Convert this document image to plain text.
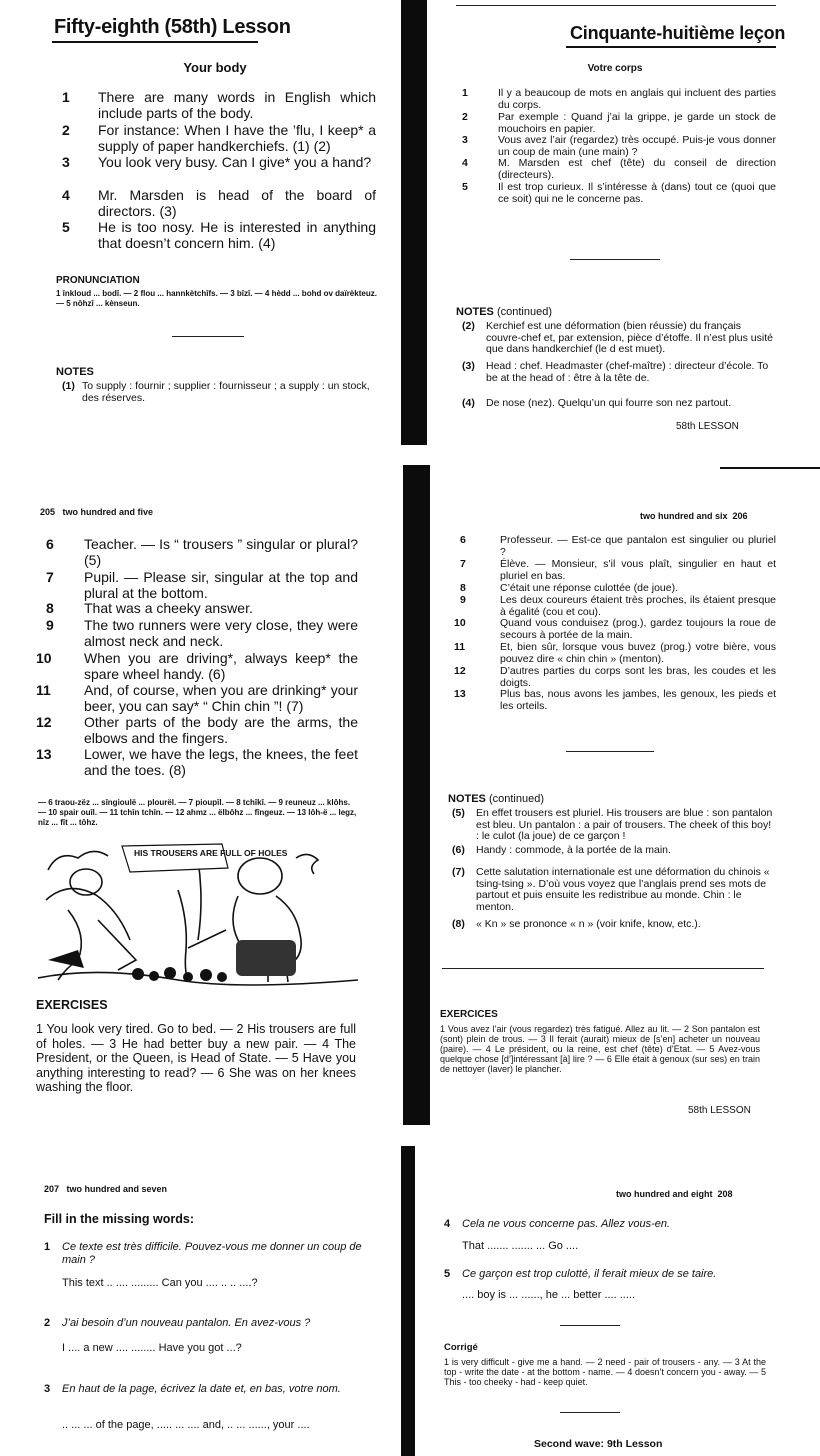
Fifty-eighth (58th) Lesson	Cinquante-huitième leçon
Your body	Votre corps
1 There are many words in English which include parts of the body.
2 For instance: When I have the ’flu, I keep* a supply of paper handkerchiefs. (1) (2)
3 You look very busy. Can I give* you a hand?
4 Mr. Marsden is head of the board of directors. (3)
5 He is too nosy. He is interested in anything that doesn’t concern him. (4)
1	Il y a beaucoup de mots en anglais qui incluent des parties du corps.
2	Par exemple : Quand j’ai la grippe, je garde un stock de mouchoirs en papier.
3	Vous avez l’air (regardez) très occupé. Puis-je vous donner un coup de main (une main) ?
4	M. Marsden est chef (tête) du conseil de direction (directeurs).
5	Il est trop curieux. Il s’intéresse à (dans) tout ce (quoi que ce soit) qui ne le concerne pas.
PRONUNCIATION
1 înkloud ... bodî. — 2 flou ... hannkètchîfs. — 3 bîzî. — 4 hèdd ... bohd ov daïrèkteuz. — 5 nôhzî ... kènseun.
NOTES
(1) To supply : fournir ; supplier : fournisseur ; a supply : un stock, des réserves.
NOTES (continued)
(2) Kerchief est une déformation (bien réussie) du français couvre-chef et, par extension, pièce d’étoffe. Il n’est plus usité que dans handkerchief (le d est muet).
(3) Head : chef. Headmaster (chef-maître) : directeur d’école. To be at the head of : être à la tête de.
(4) De nose (nez). Quelqu’un qui fourre son nez partout.
58th LESSON
205 two hundred and five	two hundred and six 206
6 Teacher. — Is “ trousers ” singular or plural? (5)
7 Pupil. — Please sir, singular at the top and plural at the bottom.
8 That was a cheeky answer.
9 The two runners were very close, they were almost neck and neck.
10 When you are driving*, always keep* the spare wheel handy. (6)
11 And, of course, when you are drinking* your beer, you can say* “ Chin chin ”! (7)
12 Other parts of the body are the arms, the elbows and the fingers.
13 Lower, we have the legs, the knees, the feet and the toes. (8)
— 6 traou-zëz ... sîngioulë ... plourël. — 7 pioupîl. — 8 tchîkî. — 9 reuneuz ... klôhs. — 10 spair ouîl. — 11 tchîn tchîn. — 12 ahmz ... ëlbôhz ... fîngeuz. — 13 lôh-ë ... legz, nîz ... fît ... tôhz.
HIS TROUSERS ARE FULL OF HOLES
EXERCISES
1 You look very tired. Go to bed. — 2 His trousers are full of holes. — 3 He had better buy a new pair. — 4 The President, or the Queen, is Head of State. — 5 Have you anything interesting to read? — 6 She was on her knees washing the floor.
6	Professeur. — Est-ce que pantalon est singulier ou pluriel ?
7	Élève. — Monsieur, s’il vous plaît, singulier en haut et pluriel en bas.
8	C’était une réponse culottée (de joue).
9	Les deux coureurs étaient très proches, ils étaient presque à égalité (cou et cou).
10	Quand vous conduisez (prog.), gardez toujours la roue de secours à portée de la main.
11	Et, bien sûr, lorsque vous buvez (prog.) votre bière, vous pouvez dire « chin chin » (menton).
12	D’autres parties du corps sont les bras, les coudes et les doigts.
13	Plus bas, nous avons les jambes, les genoux, les pieds et les orteils.
NOTES (continued)
(5) En effet trousers est pluriel. His trousers are blue : son pantalon est bleu. Un pantalon : a pair of trousers. The cheek of this boy! : le culot (la joue) de ce garçon !
(6) Handy : commode, à la portée de la main.
(7) Cette salutation internationale est une déformation du chinois « tsing-tsing ». D’où vous voyez que l’anglais prend ses mots de partout et puis ensuite les redistribue au monde. Chin : le menton.
(8) « Kn » se prononce « n » (voir knife, know, etc.).
EXERCICES
1 Vous avez l’air (vous regardez) très fatigué. Allez au lit. — 2 Son pantalon est (sont) plein de trous. — 3 Il ferait (aurait) mieux de [s’en] acheter un nouveau (paire). — 4 Le président, ou la reine, est chef (tête) d’Etat. — 5 Avez-vous quelque chose [d’]intéressant [à] lire ? — 6 Elle était à genoux (sur ses) en train de nettoyer (laver) le plancher.
58th LESSON
207 two hundred and seven	two hundred and eight 208
Fill in the missing words:
1 Ce texte est très difficile. Pouvez-vous me donner un coup de main ?
This text .. .... ......... Can you .... .. .. ....?
2 J’ai besoin d’un nouveau pantalon. En avez-vous ?
I .... a new .... ........ Have you got ...?
3 En haut de la page, écrivez la date et, en bas, votre nom.
.. ... ... of the page, ..... ... .... and, .. ... ......, your ....
4 Cela ne vous concerne pas. Allez vous-en.
That ....... ....... ... Go ....
5 Ce garçon est trop culotté, il ferait mieux de se taire.
.... boy is ... ......, he ... better .... .....
Corrigé
1 is very difficult - give me a hand. — 2 need - pair of trousers - any. — 3 At the top - write the date - at the bottom - name. — 4 doesn’t concern you - away. — 5 This - too cheeky - had - keep quiet.
Second wave: 9th Lesson
